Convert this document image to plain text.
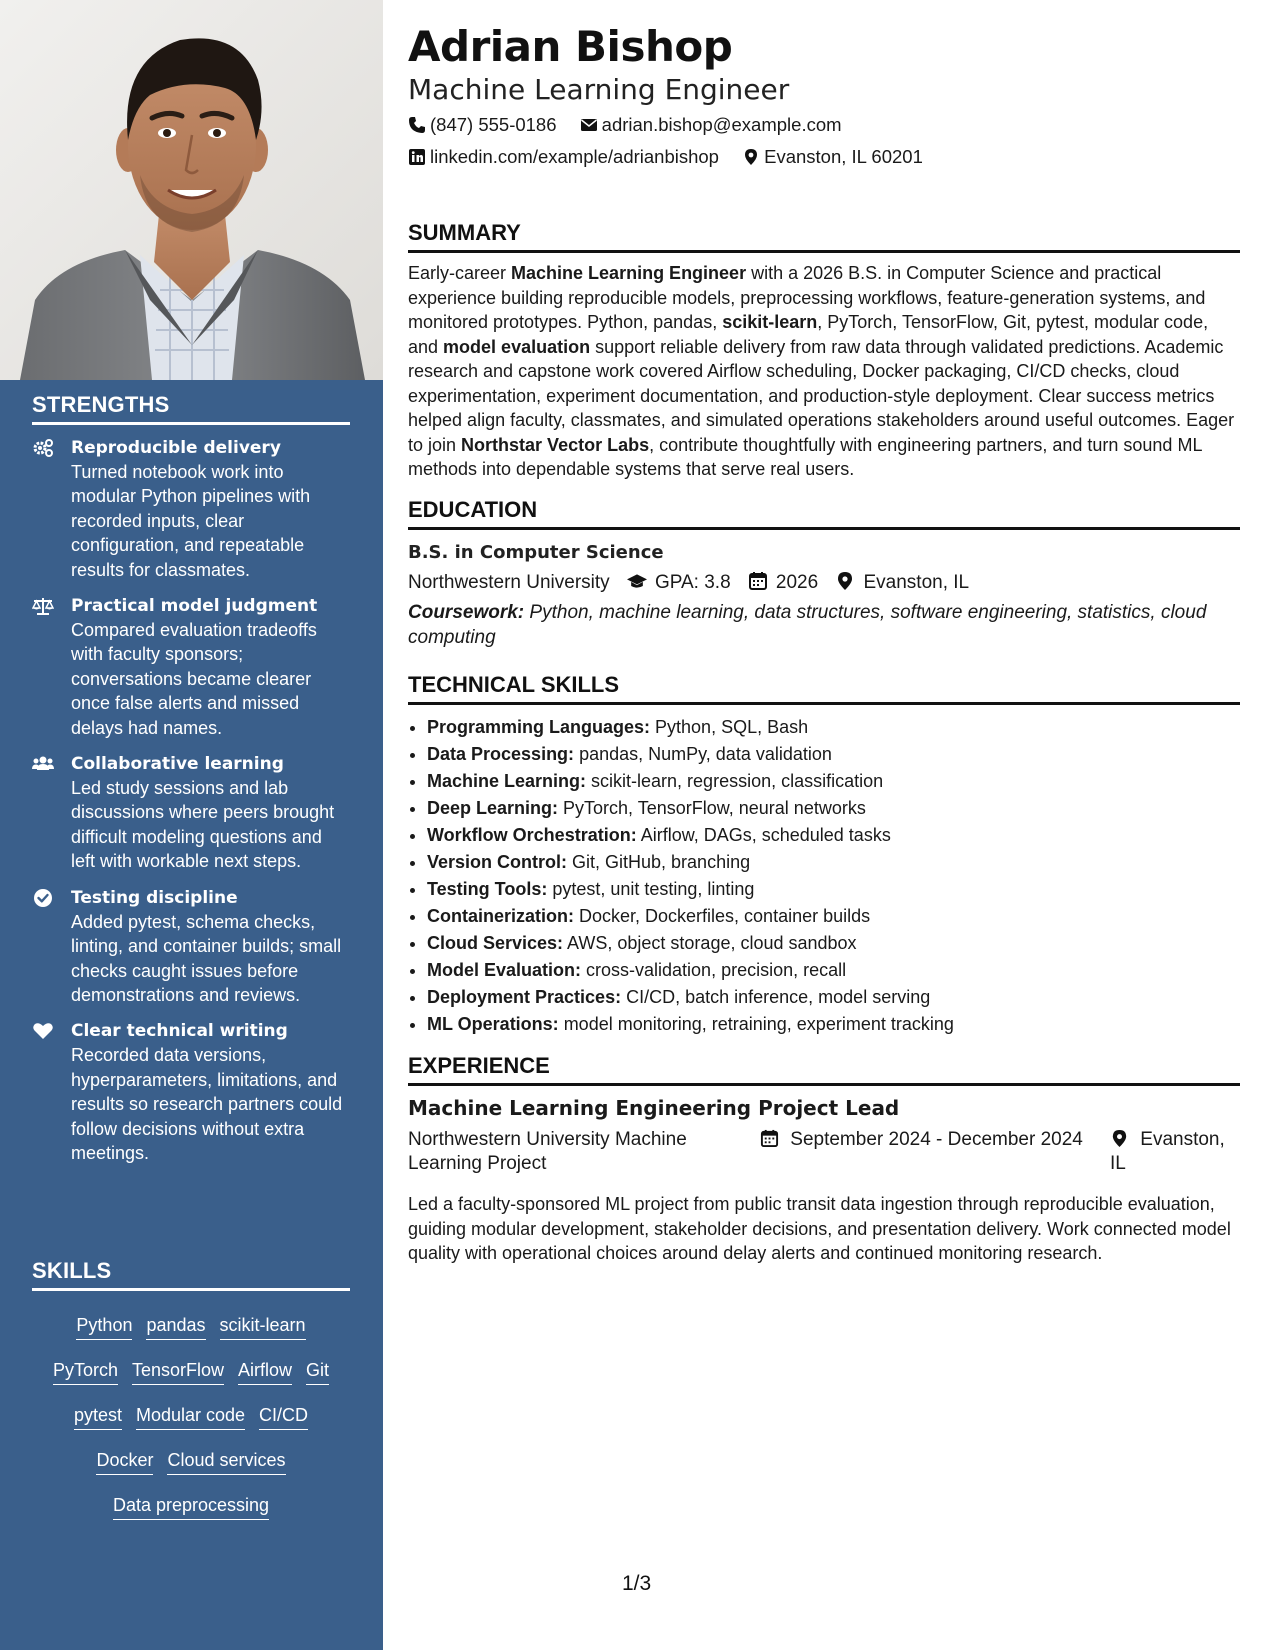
STRENGTHS
Reproducible delivery
Turned notebook work into modular Python pipelines with recorded inputs, clear configuration, and repeatable results for classmates.
Practical model judgment
Compared evaluation tradeoffs with faculty sponsors; conversations became clearer once false alerts and missed delays had names.
Collaborative learning
Led study sessions and lab discussions where peers brought difficult modeling questions and left with workable next steps.
Testing discipline
Added pytest, schema checks, linting, and container builds; small checks caught issues before demonstrations and reviews.
Clear technical writing
Recorded data versions, hyperparameters, limitations, and results so research partners could follow decisions without extra meetings.
SKILLS
Python pandas scikit-learn
PyTorch TensorFlow Airflow Git
pytest Modular code CI/CD
Docker Cloud services
Data preprocessing
Adrian Bishop
Machine Learning Engineer
(847) 555-0186 adrian.bishop@example.com
linkedin.com/example/adrianbishop Evanston, IL 60201
SUMMARY
Early-career Machine Learning Engineer with a 2026 B.S. in Computer Science and practical experience building reproducible models, preprocessing workflows, feature-generation systems, and monitored prototypes. Python, pandas, scikit-learn, PyTorch, TensorFlow, Git, pytest, modular code, and model evaluation support reliable delivery from raw data through validated predictions. Academic research and capstone work covered Airflow scheduling, Docker packaging, CI/CD checks, cloud experimentation, experiment documentation, and production-style deployment. Clear success metrics helped align faculty, classmates, and simulated operations stakeholders around useful outcomes. Eager to join Northstar Vector Labs, contribute thoughtfully with engineering partners, and turn sound ML methods into dependable systems that serve real users.
EDUCATION
B.S. in Computer Science
Northwestern University GPA: 3.8 2026 Evanston, IL
Coursework: Python, machine learning, data structures, software engineering, statistics, cloud computing
TECHNICAL SKILLS
• Programming Languages: Python, SQL, Bash
• Data Processing: pandas, NumPy, data validation
• Machine Learning: scikit-learn, regression, classification
• Deep Learning: PyTorch, TensorFlow, neural networks
• Workflow Orchestration: Airflow, DAGs, scheduled tasks
• Version Control: Git, GitHub, branching
• Testing Tools: pytest, unit testing, linting
• Containerization: Docker, Dockerfiles, container builds
• Cloud Services: AWS, object storage, cloud sandbox
• Model Evaluation: cross-validation, precision, recall
• Deployment Practices: CI/CD, batch inference, model serving
• ML Operations: model monitoring, retraining, experiment tracking
EXPERIENCE
Machine Learning Engineering Project Lead
Northwestern University Machine Learning Project
September 2024 - December 2024	Evanston, IL
Led a faculty-sponsored ML project from public transit data ingestion through reproducible evaluation, guiding modular development, stakeholder decisions, and presentation delivery. Work connected model quality with operational choices around delay alerts and continued monitoring research.
1/3
